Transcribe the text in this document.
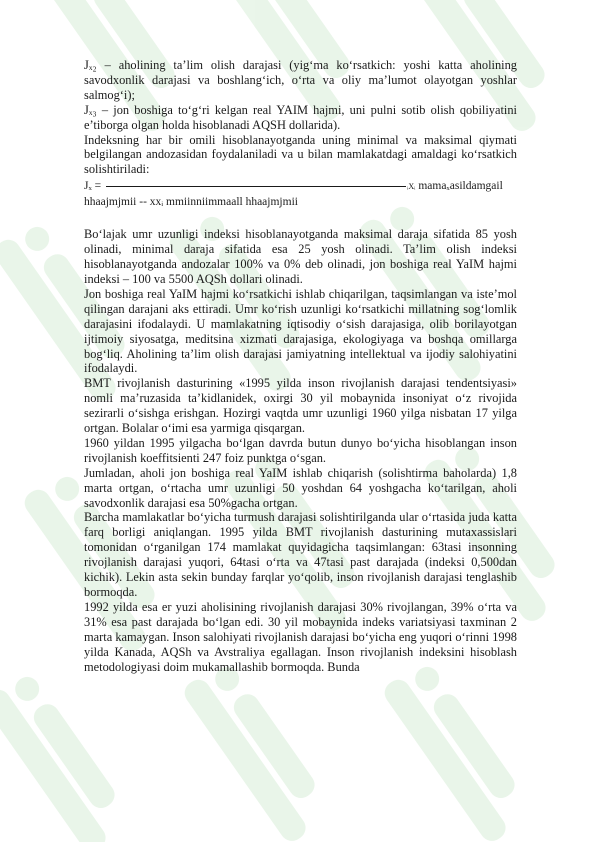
Jₓ₂ – aholining ta’lim olish darajasi (yig‘ma ko‘rsatkich: yoshi katta aholining savodxonlik darajasi va boshlang‘ich, o‘rta va oliy ma’lumot olayotgan yoshlar salmog‘i);

Jₓ₃ – jon boshiga to‘g‘ri kelgan real YAIM hajmi, uni pulni sotib olish qobiliyatini e’tiborga olgan holda hisoblanadi AQSH dollarida).

Indeksning har bir omili hisoblanayotganda uning minimal va maksimal qiymati belgilangan andozasidan foydalaniladi va u bilan mamlakatdagi amaldagi ko‘rsatkich solishtiriladi:

Jₓ =	ᵢXᵢ mamaₓasildamgail
hhaajmjmii -- xxᵢ mmiinniimmaall hhaajmjmii

Bo‘lajak umr uzunligi indeksi hisoblanayotganda maksimal daraja sifatida 85 yosh olinadi, minimal daraja sifatida esa 25 yosh olinadi. Ta’lim olish indeksi hisoblanayotganda andozalar 100% va 0% deb olinadi, jon boshiga real YaIM hajmi indeksi – 100 va 5500 AQSh dollari olinadi.

Jon boshiga real YaIM hajmi ko‘rsatkichi ishlab chiqarilgan, taqsimlangan va iste’mol qilingan darajani aks ettiradi. Umr ko‘rish uzunligi ko‘rsatkichi millatning sog‘lomlik darajasini ifodalaydi. U mamlakatning iqtisodiy o‘sish darajasiga, olib borilayotgan ijtimoiy siyosatga, meditsina xizmati darajasiga, ekologiyaga va boshqa omillarga bog‘liq. Aholining ta’lim olish darajasi jamiyatning intellektual va ijodiy salohiyatini ifodalaydi.

BMT rivojlanish dasturining «1995 yilda inson rivojlanish darajasi tendentsiyasi» nomli ma’ruzasida ta’kidlanidek, oxirgi 30 yil mobaynida insoniyat o‘z rivojida sezirarli o‘sishga erishgan. Hozirgi vaqtda umr uzunligi 1960 yilga nisbatan 17 yilga ortgan. Bolalar o‘imi esa yarmiga qisqargan.

1960 yildan 1995 yilgacha bo‘lgan davrda butun dunyo bo‘yicha hisoblangan inson rivojlanish koeffitsienti 247 foiz punktga o‘sgan.

Jumladan, aholi jon boshiga real YaIM ishlab chiqarish (solishtirma baholarda) 1,8 marta ortgan, o‘rtacha umr uzunligi 50 yoshdan 64 yoshgacha ko‘tarilgan, aholi savodxonlik darajasi esa 50%gacha ortgan.

Barcha mamlakatlar bo‘yicha turmush darajasi solishtirilganda ular o‘rtasida juda katta farq borligi aniqlangan. 1995 yilda BMT rivojlanish dasturining mutaxassislari tomonidan o‘rganilgan 174 mamlakat quyidagicha taqsimlangan: 63tasi insonning rivojlanish darajasi yuqori, 64tasi o‘rta va 47tasi past darajada (indeksi 0,500dan kichik). Lekin asta sekin bunday farqlar yo‘qolib, inson rivojlanish darajasi tenglashib bormoqda.

1992 yilda esa er yuzi aholisining rivojlanish darajasi 30% rivojlangan, 39% o‘rta va 31% esa past darajada bo‘lgan edi. 30 yil mobaynida indeks variatsiyasi taxminan 2 marta kamaygan. Inson salohiyati rivojlanish darajasi bo‘yicha eng yuqori o‘rinni 1998 yilda Kanada, AQSh va Avstraliya egallagan. Inson rivojlanish indeksini hisoblash metodologiyasi doim mukamallashib bormoqda. Bunda
